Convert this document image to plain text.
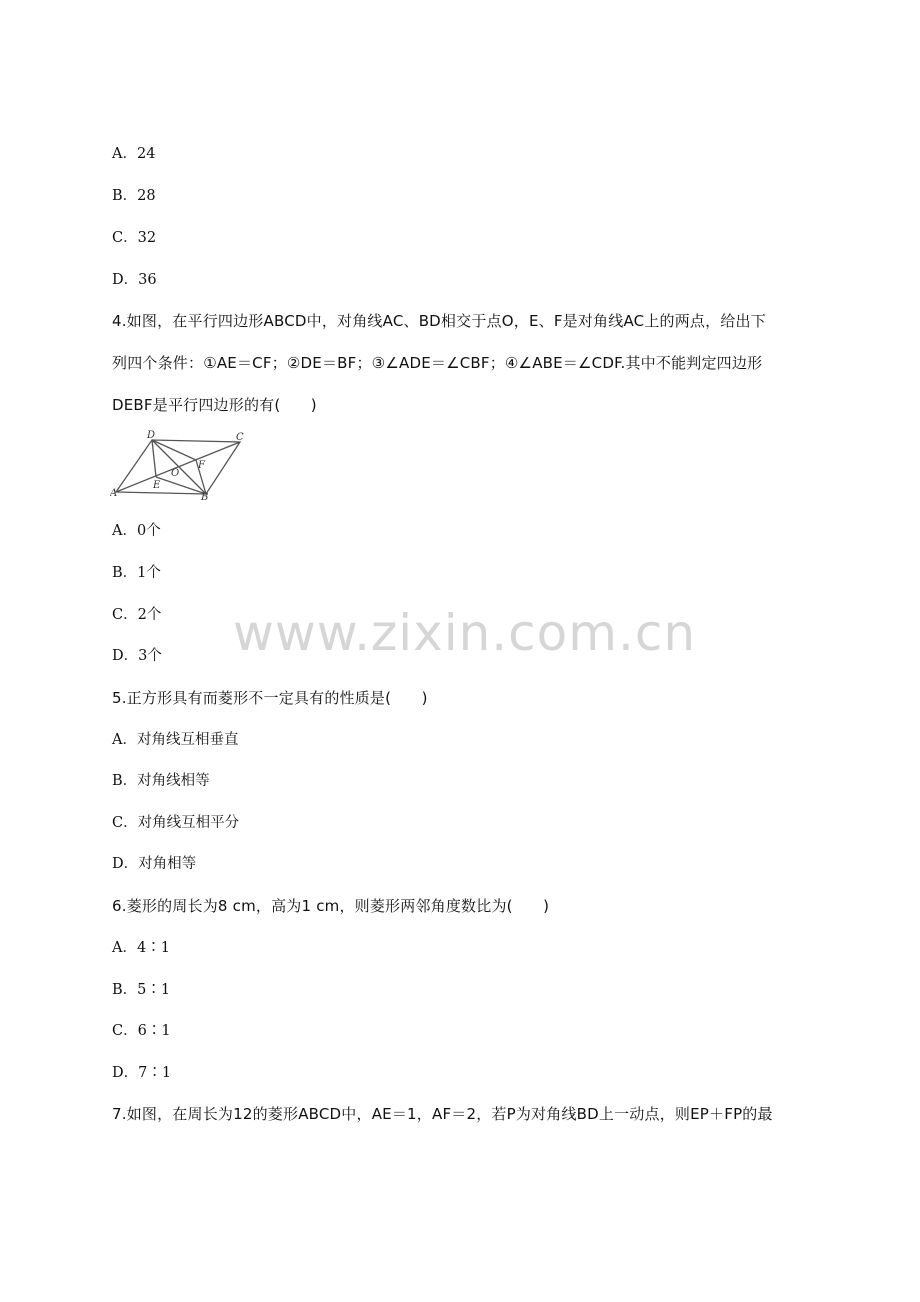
A．24
B．28
C．32
D．36
4.如图，在平行四边形ABCD中，对角线AC、BD相交于点O，E、F是对角线AC上的两点，给出下
列四个条件：①AE＝CF；②DE＝BF；③∠ADE＝∠CBF；④∠ABE＝∠CDF.其中不能判定四边形
DEBF是平行四边形的有(　　)
A	B
C
D
E
F
O
A．0个
B．1个
C．2个
D．3个
5.正方形具有而菱形不一定具有的性质是(　　)
A．对角线互相垂直
B．对角线相等
C．对角线互相平分
D．对角相等
6.菱形的周长为8 cm，高为1 cm，则菱形两邻角度数比为(　　)
A．4∶1
B．5∶1
C．6∶1
D．7∶1
7.如图，在周长为12的菱形ABCD中，AE＝1，AF＝2，若P为对角线BD上一动点，则EP＋FP的最
www.zixin.com.cn
